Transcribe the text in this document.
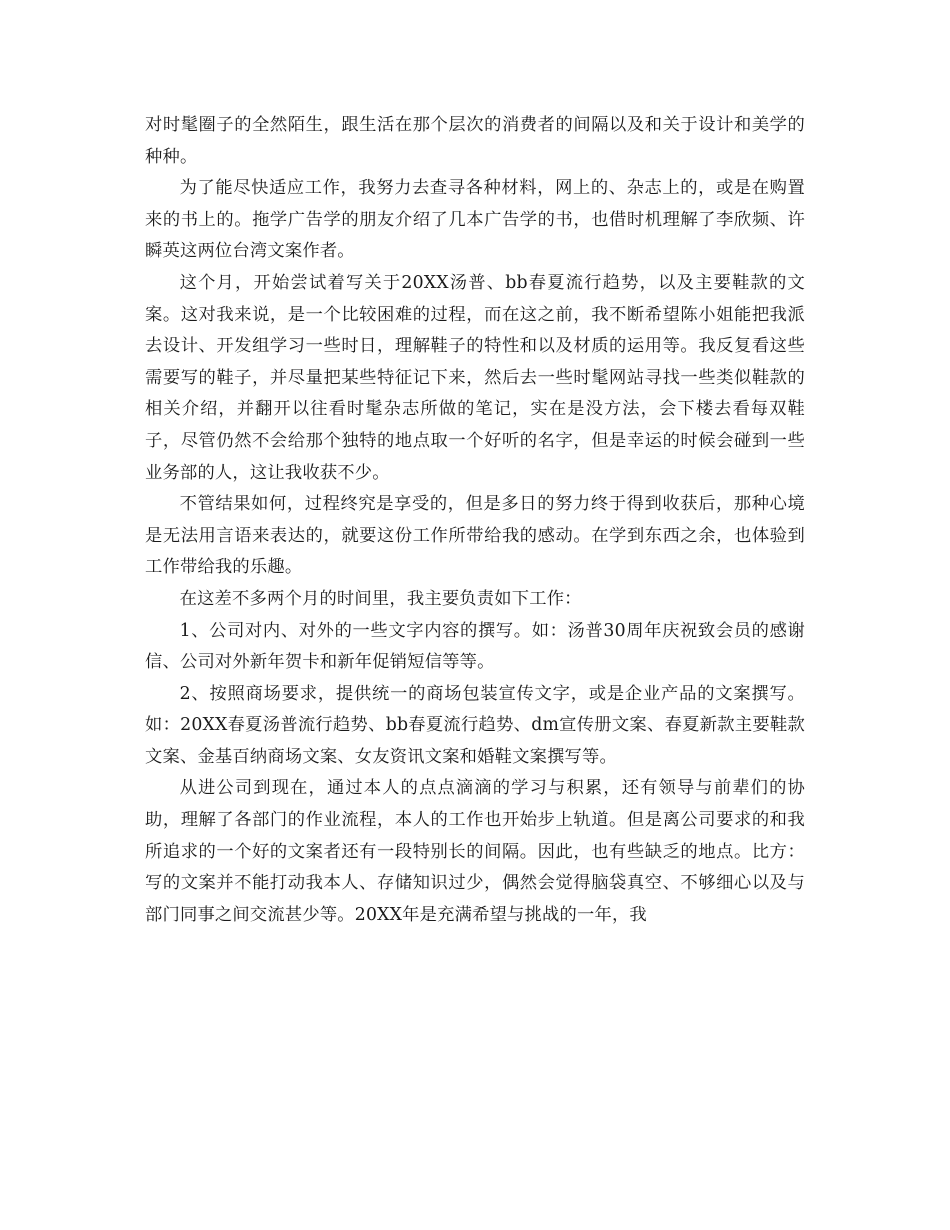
对时髦圈子的全然陌生，跟生活在那个层次的消费者的间隔以及和关于设计和美学的种种。

为了能尽快适应工作，我努力去查寻各种材料，网上的、杂志上的，或是在购置来的书上的。拖学广告学的朋友介绍了几本广告学的书，也借时机理解了李欣频、许瞬英这两位台湾文案作者。

这个月，开始尝试着写关于20XX汤普、bb春夏流行趋势，以及主要鞋款的文案。这对我来说，是一个比较困难的过程，而在这之前，我不断希望陈小姐能把我派去设计、开发组学习一些时日，理解鞋子的特性和以及材质的运用等。我反复看这些需要写的鞋子，并尽量把某些特征记下来，然后去一些时髦网站寻找一些类似鞋款的相关介绍，并翻开以往看时髦杂志所做的笔记，实在是没方法，会下楼去看每双鞋子，尽管仍然不会给那个独特的地点取一个好听的名字，但是幸运的时候会碰到一些业务部的人，这让我收获不少。

不管结果如何，过程终究是享受的，但是多日的努力终于得到收获后，那种心境是无法用言语来表达的，就要这份工作所带给我的感动。在学到东西之余，也体验到工作带给我的乐趣。

在这差不多两个月的时间里，我主要负责如下工作：

1、公司对内、对外的一些文字内容的撰写。如：汤普30周年庆祝致会员的感谢信、公司对外新年贺卡和新年促销短信等等。

2、按照商场要求，提供统一的商场包装宣传文字，或是企业产品的文案撰写。如：20XX春夏汤普流行趋势、bb春夏流行趋势、dm宣传册文案、春夏新款主要鞋款文案、金基百纳商场文案、女友资讯文案和婚鞋文案撰写等。

从进公司到现在，通过本人的点点滴滴的学习与积累，还有领导与前辈们的协助，理解了各部门的作业流程，本人的工作也开始步上轨道。但是离公司要求的和我所追求的一个好的文案者还有一段特别长的间隔。因此，也有些缺乏的地点。比方：写的文案并不能打动我本人、存储知识过少，偶然会觉得脑袋真空、不够细心以及与部门同事之间交流甚少等。20XX年是充满希望与挑战的一年，我
